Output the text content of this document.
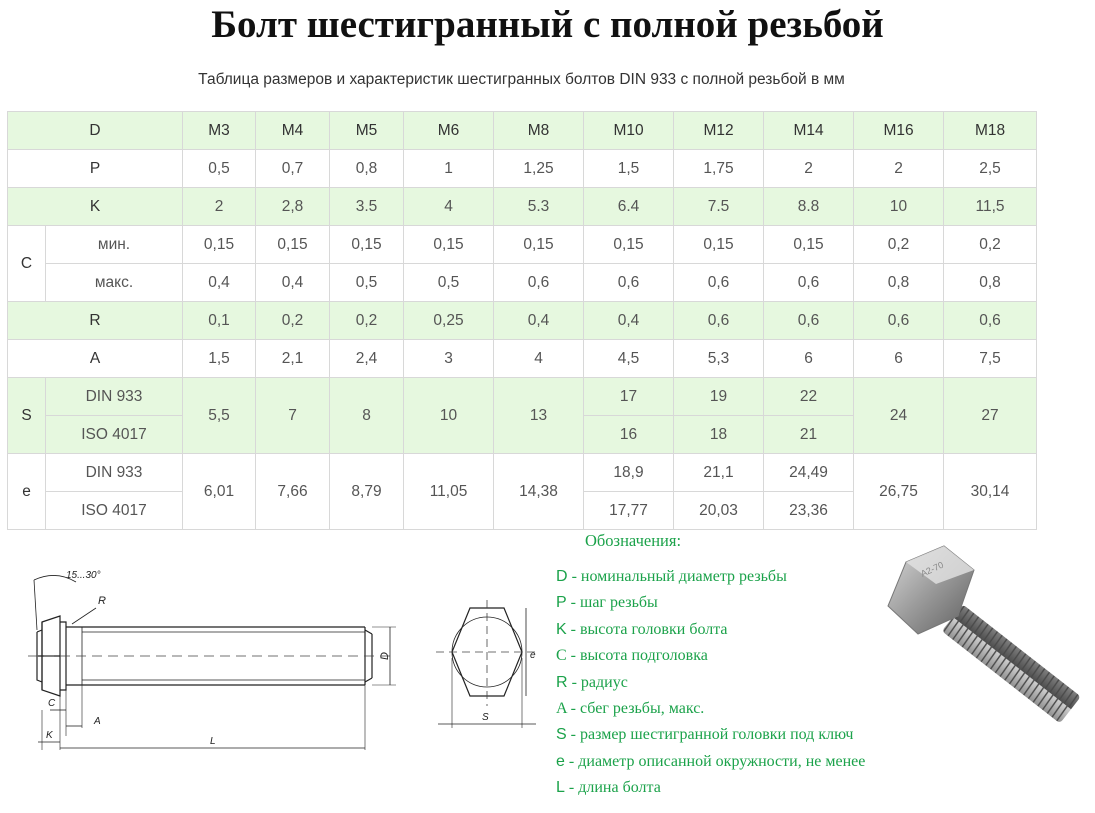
Болт шестигранный с полной резьбой
Таблица размеров и характеристик шестигранных болтов DIN 933 с полной резьбой в мм
D		M3	M4	M5	M6	M8	M10	M12	M14	M16	M18
P		0,5	0,7	0,8	1	1,25	1,5	1,75	2	2	2,5
K		2	2,8	3.5	4	5.3	6.4	7.5	8.8	10	11,5
C	мин.	0,15	0,15	0,15	0,15	0,15	0,15	0,15	0,15	0,2	0,2
	макс.	0,4	0,4	0,5	0,5	0,6	0,6	0,6	0,6	0,8	0,8
R		0,1	0,2	0,2	0,25	0,4	0,4	0,6	0,6	0,6	0,6
A		1,5	2,1	2,4	3	4	4,5	5,3	6	6	7,5
S	DIN 933	5,5	7	8	10	13	17	19	22	24	27
	ISO 4017						16	18	21		
e	DIN 933	6,01	7,66	8,79	11,05	14,38	18,9	21,1	24,49	26,75	30,14
	ISO 4017						17,77	20,03	23,36		
15...30°
R
D
C
A
K
L
e
S
Обозначения:
D - номинальный диаметр резьбы
P - шаг резьбы
K - высота головки болта
C - высота подголовка
R - радиус
A - сбег резьбы, макс.
S - размер шестигранной головки под ключ
e - диаметр описанной окружности, не менее
L - длина болта
A2-70
